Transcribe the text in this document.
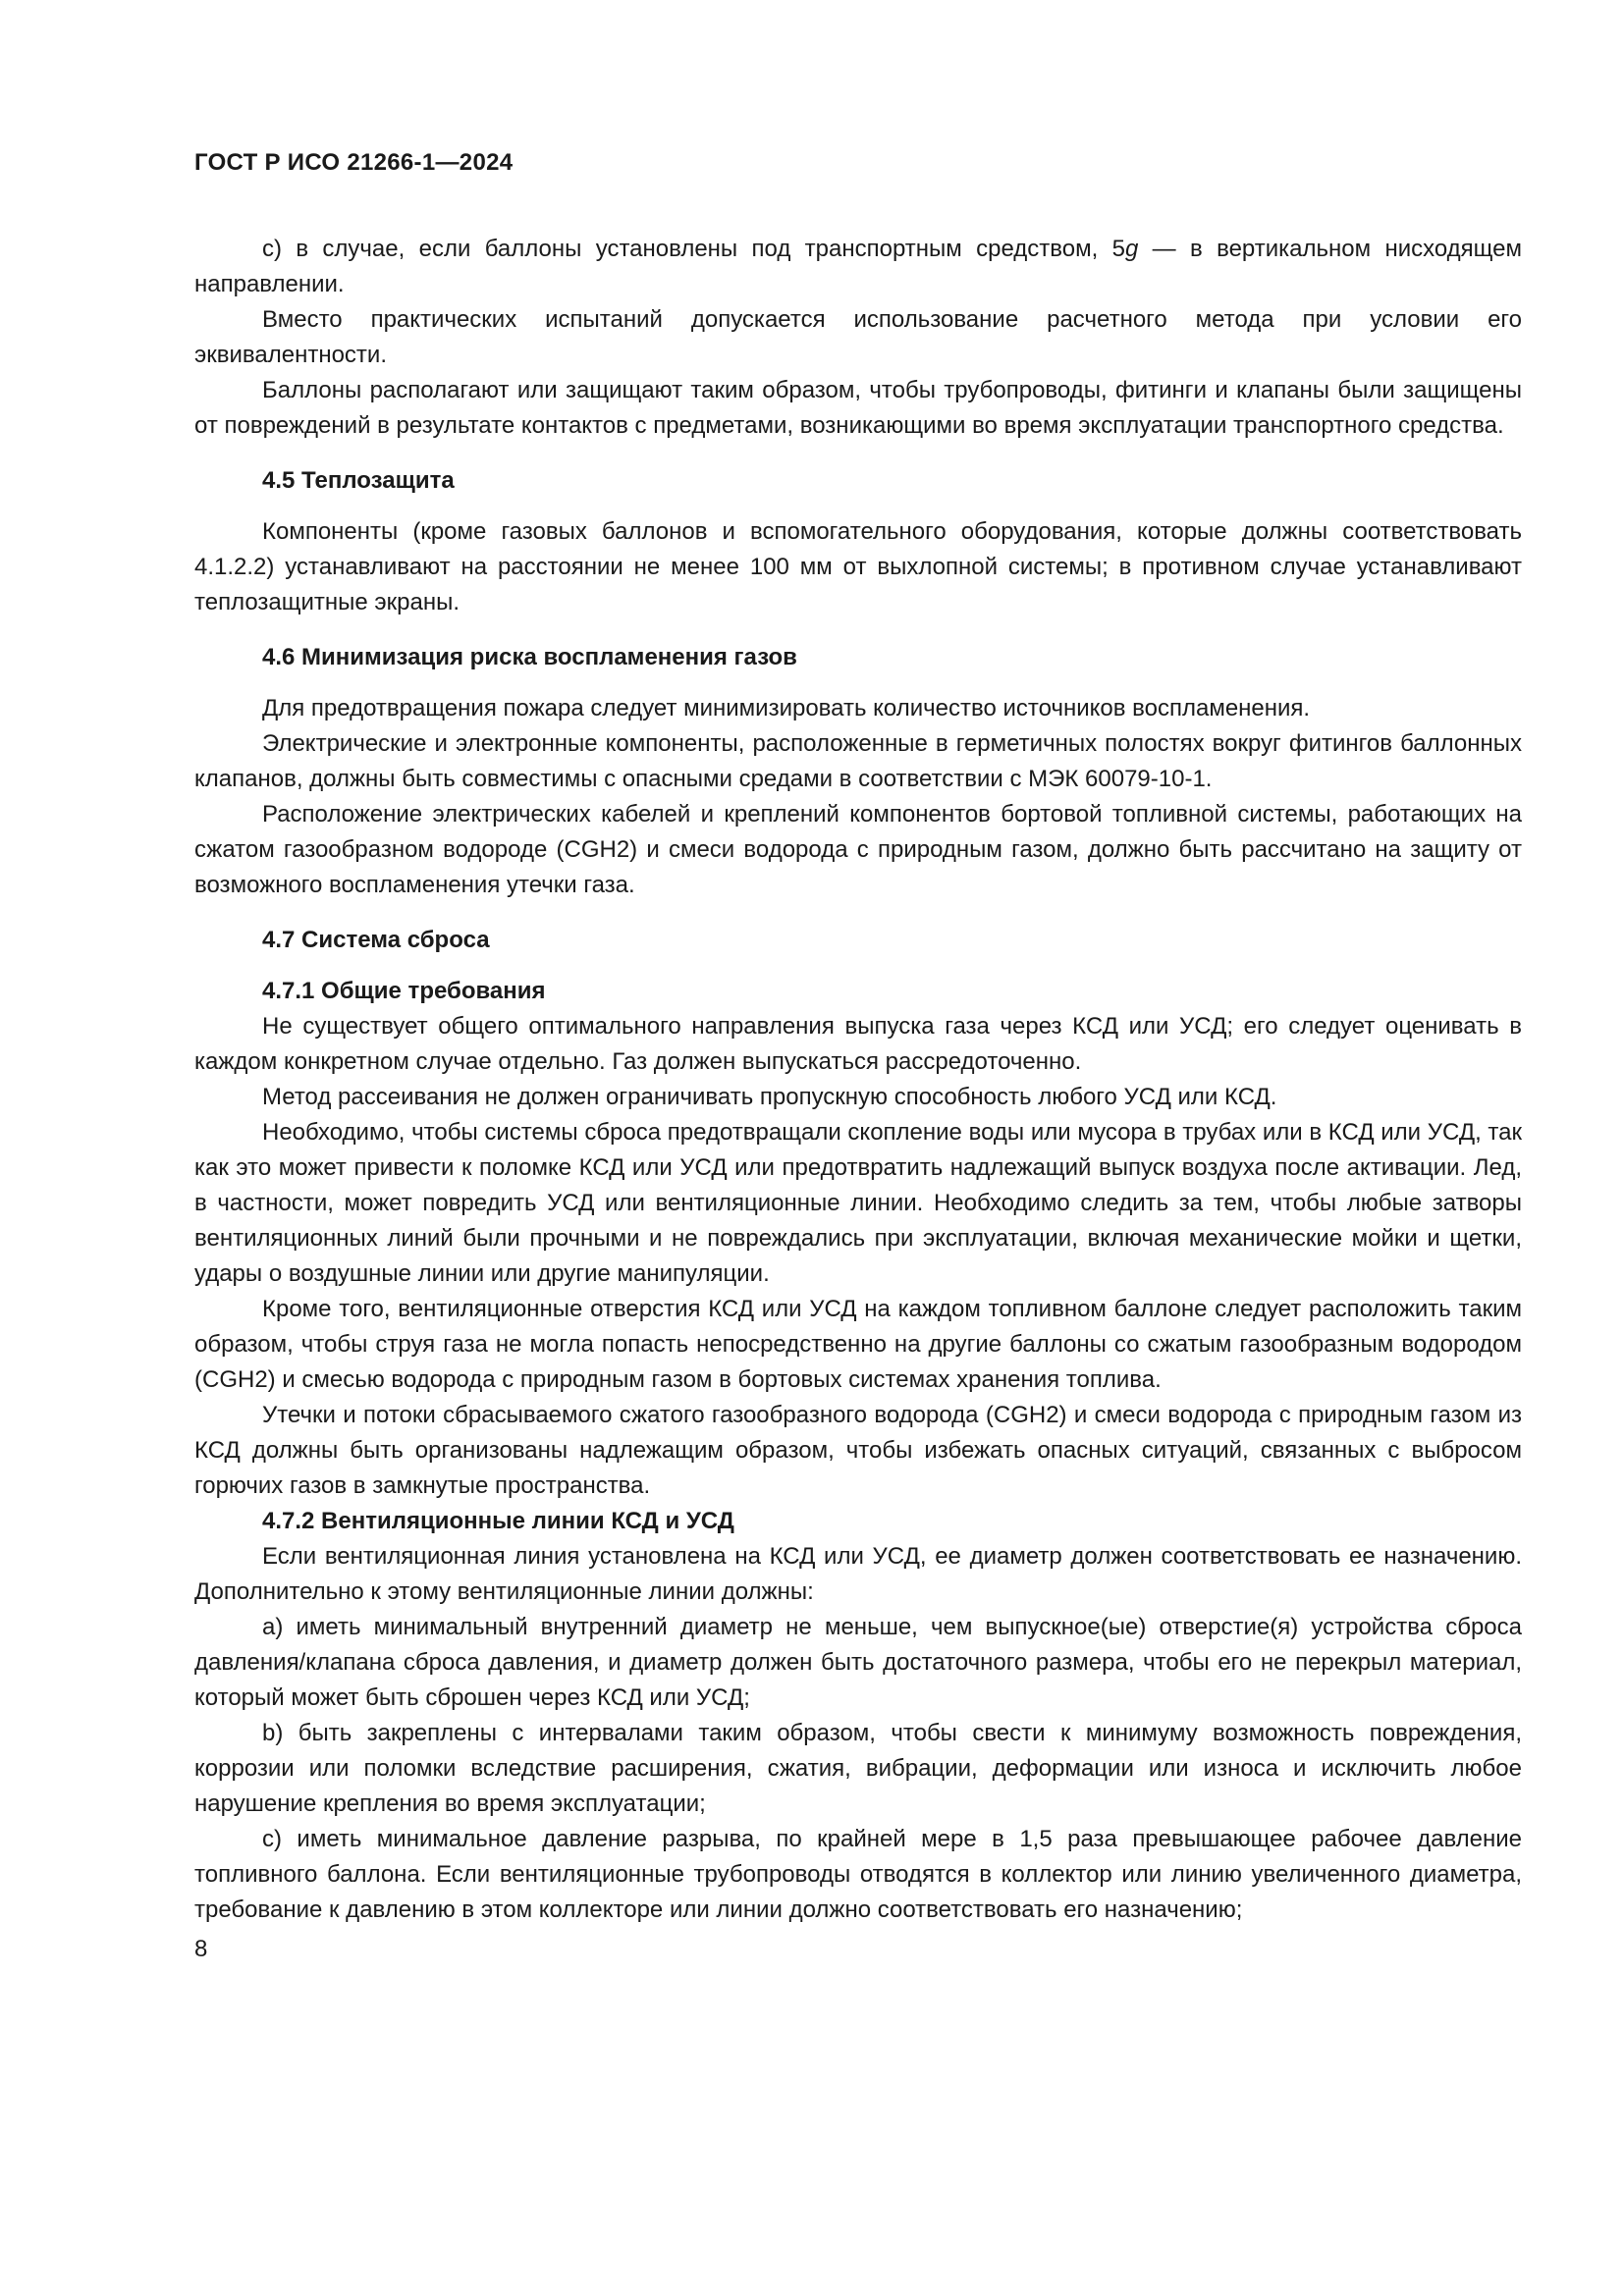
ГОСТ Р ИСО 21266-1—2024

с) в случае, если баллоны установлены под транспортным средством, 5g — в вертикальном нисходящем направлении.

Вместо практических испытаний допускается использование расчетного метода при условии его эквивалентности.

Баллоны располагают или защищают таким образом, чтобы трубопроводы, фитинги и клапаны были защищены от повреждений в результате контактов с предметами, возникающими во время эксплуатации транспортного средства.

4.5 Теплозащита

Компоненты (кроме газовых баллонов и вспомогательного оборудования, которые должны соответствовать 4.1.2.2) устанавливают на расстоянии не менее 100 мм от выхлопной системы; в противном случае устанавливают теплозащитные экраны.

4.6 Минимизация риска воспламенения газов

Для предотвращения пожара следует минимизировать количество источников воспламенения.

Электрические и электронные компоненты, расположенные в герметичных полостях вокруг фитингов баллонных клапанов, должны быть совместимы с опасными средами в соответствии с МЭК 60079-10-1.

Расположение электрических кабелей и креплений компонентов бортовой топливной системы, работающих на сжатом газообразном водороде (CGH2) и смеси водорода с природным газом, должно быть рассчитано на защиту от возможного воспламенения утечки газа.

4.7 Система сброса
4.7.1 Общие требования

Не существует общего оптимального направления выпуска газа через КСД или УСД; его следует оценивать в каждом конкретном случае отдельно. Газ должен выпускаться рассредоточенно.

Метод рассеивания не должен ограничивать пропускную способность любого УСД или КСД.

Необходимо, чтобы системы сброса предотвращали скопление воды или мусора в трубах или в КСД или УСД, так как это может привести к поломке КСД или УСД или предотвратить надлежащий выпуск воздуха после активации. Лед, в частности, может повредить УСД или вентиляционные линии. Необходимо следить за тем, чтобы любые затворы вентиляционных линий были прочными и не повреждались при эксплуатации, включая механические мойки и щетки, удары о воздушные линии или другие манипуляции.

Кроме того, вентиляционные отверстия КСД или УСД на каждом топливном баллоне следует расположить таким образом, чтобы струя газа не могла попасть непосредственно на другие баллоны со сжатым газообразным водородом (CGH2) и смесью водорода с природным газом в бортовых системах хранения топлива.

Утечки и потоки сбрасываемого сжатого газообразного водорода (CGH2) и смеси водорода с природным газом из КСД должны быть организованы надлежащим образом, чтобы избежать опасных ситуаций, связанных с выбросом горючих газов в замкнутые пространства.

4.7.2 Вентиляционные линии КСД и УСД

Если вентиляционная линия установлена на КСД или УСД, ее диаметр должен соответствовать ее назначению. Дополнительно к этому вентиляционные линии должны:

a) иметь минимальный внутренний диаметр не меньше, чем выпускное(ые) отверстие(я) устройства сброса давления/клапана сброса давления, и диаметр должен быть достаточного размера, чтобы его не перекрыл материал, который может быть сброшен через КСД или УСД;

b) быть закреплены с интервалами таким образом, чтобы свести к минимуму возможность повреждения, коррозии или поломки вследствие расширения, сжатия, вибрации, деформации или износа и исключить любое нарушение крепления во время эксплуатации;

c) иметь минимальное давление разрыва, по крайней мере в 1,5 раза превышающее рабочее давление топливного баллона. Если вентиляционные трубопроводы отводятся в коллектор или линию увеличенного диаметра, требование к давлению в этом коллекторе или линии должно соответствовать его назначению;

8
